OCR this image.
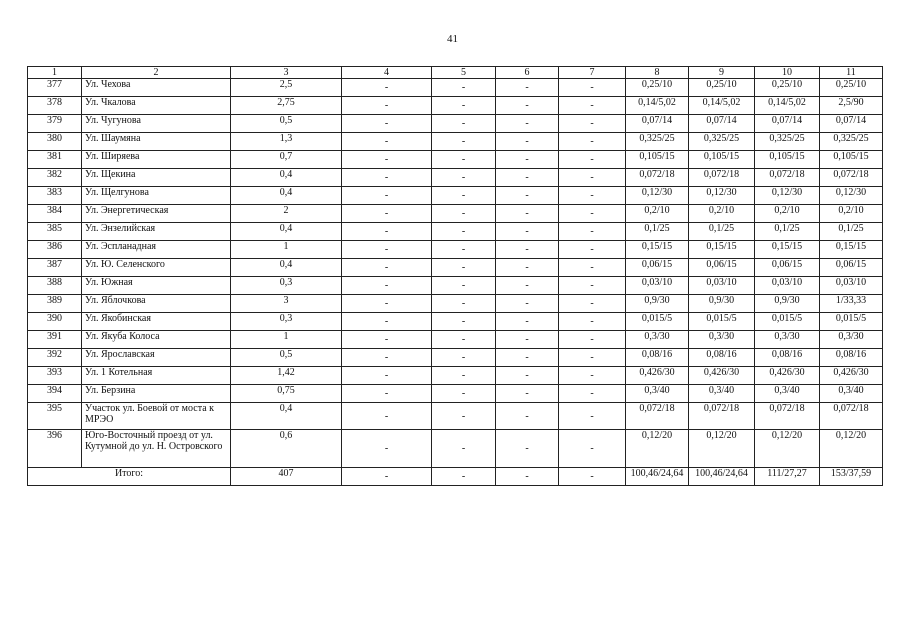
41
1	2	3	4	5	6	7	8	9	10	11
377	Ул. Чехова	2,5	-	-	-	-	0,25/10	0,25/10	0,25/10	0,25/10
378	Ул. Чкалова	2,75	-	-	-	-	0,14/5,02	0,14/5,02	0,14/5,02	2,5/90
379	Ул. Чугунова	0,5	-	-	-	-	0,07/14	0,07/14	0,07/14	0,07/14
380	Ул. Шаумяна	1,3	-	-	-	-	0,325/25	0,325/25	0,325/25	0,325/25
381	Ул. Ширяева	0,7	-	-	-	-	0,105/15	0,105/15	0,105/15	0,105/15
382	Ул. Щекина	0,4	-	-	-	-	0,072/18	0,072/18	0,072/18	0,072/18
383	Ул. Щелгунова	0,4	-	-	-	-	0,12/30	0,12/30	0,12/30	0,12/30
384	Ул. Энергетическая	2	-	-	-	-	0,2/10	0,2/10	0,2/10	0,2/10
385	Ул. Энзелийская	0,4	-	-	-	-	0,1/25	0,1/25	0,1/25	0,1/25
386	Ул. Эспланадная	1	-	-	-	-	0,15/15	0,15/15	0,15/15	0,15/15
387	Ул. Ю. Селенского	0,4	-	-	-	-	0,06/15	0,06/15	0,06/15	0,06/15
388	Ул. Южная	0,3	-	-	-	-	0,03/10	0,03/10	0,03/10	0,03/10
389	Ул. Яблочкова	3	-	-	-	-	0,9/30	0,9/30	0,9/30	1/33,33
390	Ул. Якобинская	0,3	-	-	-	-	0,015/5	0,015/5	0,015/5	0,015/5
391	Ул. Якуба Колоса	1	-	-	-	-	0,3/30	0,3/30	0,3/30	0,3/30
392	Ул. Ярославская	0,5	-	-	-	-	0,08/16	0,08/16	0,08/16	0,08/16
393	Ул. 1 Котельная	1,42	-	-	-	-	0,426/30	0,426/30	0,426/30	0,426/30
394	Ул. Берзина	0,75	-	-	-	-	0,3/40	0,3/40	0,3/40	0,3/40
395	Участок ул. Боевой от моста к МРЭО	0,4	-	-	-	-	0,072/18	0,072/18	0,072/18	0,072/18
396	Юго-Восточный проезд от ул. Кутумной до ул. Н. Островского	0,6	-	-	-	-	0,12/20	0,12/20	0,12/20	0,12/20
Итого:		407	-	-	-	-	100,46/24,64	100,46/24,64	111/27,27	153/37,59
